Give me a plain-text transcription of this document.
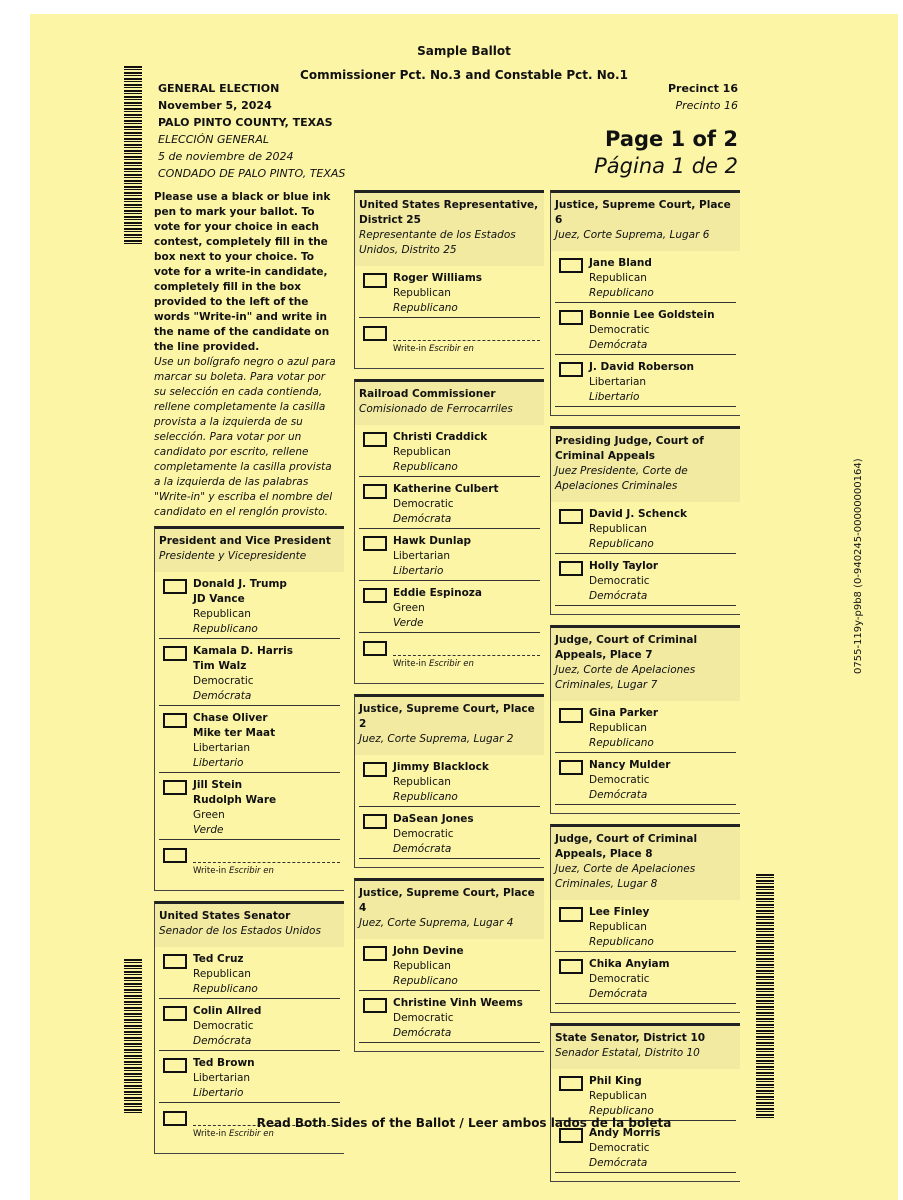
Sample Ballot
Commissioner Pct. No.3 and Constable Pct. No.1
GENERAL ELECTION
November 5, 2024
PALO PINTO COUNTY, TEXAS
ELECCIÓN GENERAL
5 de noviembre de 2024
CONDADO DE PALO PINTO, TEXAS
Precinct 16
Precinto 16
Page 1 of 2
Página 1 de 2
0755-119y-p9b8 (0-940245-00000000164)
Please use a black or blue ink pen to mark your ballot. To vote for your choice in each contest, completely fill in the box next to your choice. To vote for a write-in candidate, completely fill in the box provided to the left of the words "Write-in" and write in the name of the candidate on the line provided.
Use un bolígrafo negro o azul para marcar su boleta. Para votar por su selección en cada contienda, rellene completamente la casilla provista a la izquierda de su selección. Para votar por un candidato por escrito, rellene completamente la casilla provista a la izquierda de las palabras "Write-in" y escriba el nombre del candidato en el renglón provisto.
President and Vice President
Presidente y Vicepresidente
Donald J. Trump
JD Vance
Republican
Republicano
Kamala D. Harris
Tim Walz
Democratic
Demócrata
Chase Oliver
Mike ter Maat
Libertarian
Libertario
Jill Stein
Rudolph Ware
Green
Verde
Write-in Escribir en
United States Senator
Senador de los Estados Unidos
Ted Cruz
Republican
Republicano
Colin Allred
Democratic
Demócrata
Ted Brown
Libertarian
Libertario
Write-in Escribir en
United States Representative, District 25
Representante de los Estados Unidos, Distrito 25
Roger Williams
Republican
Republicano
Write-in Escribir en
Railroad Commissioner
Comisionado de Ferrocarriles
Christi Craddick
Republican
Republicano
Katherine Culbert
Democratic
Demócrata
Hawk Dunlap
Libertarian
Libertario
Eddie Espinoza
Green
Verde
Write-in Escribir en
Justice, Supreme Court, Place 2
Juez, Corte Suprema, Lugar 2
Jimmy Blacklock
Republican
Republicano
DaSean Jones
Democratic
Demócrata
Justice, Supreme Court, Place 4
Juez, Corte Suprema, Lugar 4
John Devine
Republican
Republicano
Christine Vinh Weems
Democratic
Demócrata
Justice, Supreme Court, Place 6
Juez, Corte Suprema, Lugar 6
Jane Bland
Republican
Republicano
Bonnie Lee Goldstein
Democratic
Demócrata
J. David Roberson
Libertarian
Libertario
Presiding Judge, Court of Criminal Appeals
Juez Presidente, Corte de Apelaciones Criminales
David J. Schenck
Republican
Republicano
Holly Taylor
Democratic
Demócrata
Judge, Court of Criminal Appeals, Place 7
Juez, Corte de Apelaciones Criminales, Lugar 7
Gina Parker
Republican
Republicano
Nancy Mulder
Democratic
Demócrata
Judge, Court of Criminal Appeals, Place 8
Juez, Corte de Apelaciones Criminales, Lugar 8
Lee Finley
Republican
Republicano
Chika Anyiam
Democratic
Demócrata
State Senator, District 10
Senador Estatal, Distrito 10
Phil King
Republican
Republicano
Andy Morris
Democratic
Demócrata
Read Both Sides of the Ballot / Leer ambos lados de la boleta
